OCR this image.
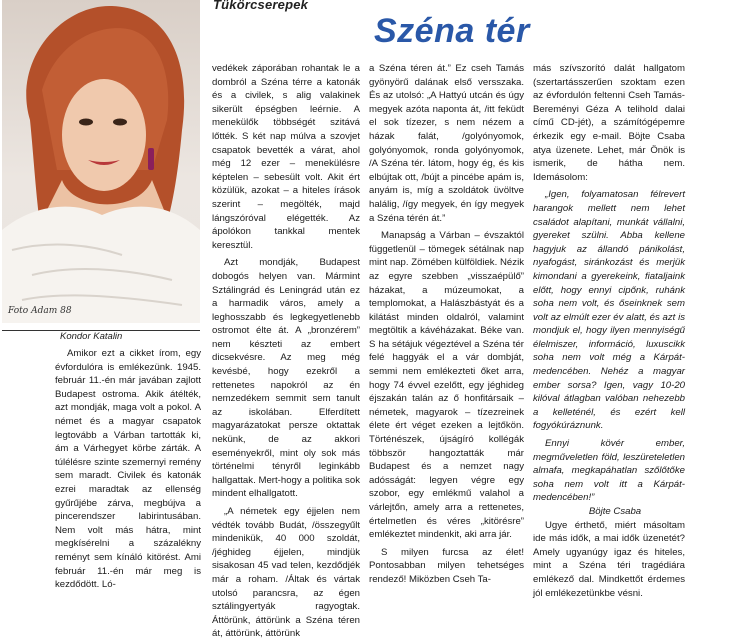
Tükörcserepek
Széna tér
Foto Adam 88
Kondor Katalin

Amikor ezt a cikket írom, egy évfordulóra is emlékezünk. 1945. február 11.-én már javában zajlott Budapest ostroma. Akik átélték, azt mondják, maga volt a pokol. A német és a magyar csapatok legtovább a Várban tartották ki, ám a Várhegyet körbe zárták. A túlélésre szinte szemernyi remény sem maradt. Civilek és katonák ezrei maradtak az ellenség gyűrűjébe zárva, megbújva a pincerendszer labirintusában. Nem volt más hátra, mint megkísérelni a százalékny reményt sem kínáló kitörést. Ami február 11.-én már meg is kezdődött. Ló-

vedékek záporában rohantak le a dombról a Széna térre a katonák és a civilek, s alig valakinek sikerült épségben leérnie. A menekülők többségét szitává lőtték. S két nap múlva a szovjet csapatok bevették a várat, ahol még 12 ezer – menekülésre képtelen – sebesült volt. Akit ért közülük, azokat – a hiteles írások szerint – megölték, majd lángszóróval elégették. Az ápolókon tankkal mentek keresztül.

Azt mondják, Budapest dobogós helyen van. Mármint Sztálingrád és Leningrád után ez a harmadik város, amely a leghosszabb és legkegyetlenebb ostromot élte át. A „bronzérem” nem készteti az embert dicsekvésre. Az meg még kevésbé, hogy ezekről a rettenetes napokról az én nemzedékem semmit sem tanult az iskolában. Elferdített magyarázatokat persze oktattak nekünk, de az akkori eseményekről, mint oly sok más történelmi tényről leginkább hallgattak. Mert-hogy a politika sok mindent elhallgatott.

„A németek egy éjjelen nem védték tovább Budát, /összegyűlt mindenikük, 40 000 szoldát, /jéghideg éjjelen, mindjük sisakosan 45 vad telen, kezdődjék már a roham. /Áltak és vártak utolsó parancsra, az égen sztálingyertyák ragyogtak. Áttörünk, áttörünk a Széna téren át, áttörünk, áttörünk

a Széna téren át.” Ez cseh Tamás gyönyörű dalának első versszaka. És az utolsó: „A Hattyú utcán és úgy megyek azóta naponta át, /itt feküdt el sok tízezer, s nem nézem a házak falát, /golyónyomok, golyónyomok, ronda golyónyomok, /A Széna tér. látom, hogy ég, és kis elbújtak ott, /bújt a pincébe apám is, anyám is, míg a szoldátok üvöltve halálig, /így megyek, én így megyek a Széna térén át.”

Manapság a Várban – évszaktól függetlenül – tömegek sétálnak nap mint nap. Zömében külföldiek. Nézik az egyre szebben „visszaépülő” házakat, a múzeumokat, a templomokat, a Halászbástyát és a kilátást minden oldalról, valamint megtöltik a kávéházakat. Béke van. S ha sétájuk végeztével a Széna tér felé haggyák el a vár dombját, semmi nem emlékezteti őket arra, hogy 74 évvel ezelőtt, egy jéghideg éjszakán talán az ő honfitársaik – németek, magyarok – tízezreinek élete ért véget ezeken a lejtőkön. Történészek, újságíró kollégák többször hangoztatták már Budapest és a nemzet nagy adósságát: legyen végre egy szobor, egy emlékmű valahol a várlejtőn, amely arra a rettenetes, értelmetlen és véres „kitörésre” emlékeztet mindenkit, aki arra jár.

S milyen furcsa az élet! Pontosabban milyen tehetséges rendező! Miközben Cseh Ta-

más szívszorító dalát hallgatom (szertartásszerűen szoktam ezen az évfordulón feltenni Cseh Tamás-Bereményi Géza A telihold dalai című CD-jét), a számítógépemre érkezik egy e-mail. Böjte Csaba atya üzenete. Lehet, már Önök is ismerik, de hátha nem. Idemásolom:

„Igen, folyamatosan félrevert harangok mellett nem lehet családot alapítani, munkát vállalni, gyereket szülni. Abba kellene hagyjuk az állandó pánikolást, nyafogást, siránkozást és merjük kimondani a gyerekeink, fiataljaink előtt, hogy ennyi cipőnk, ruhánk soha nem volt, és őseinknek sem volt az elmúlt ezer év alatt, és azt is mondjuk el, hogy ilyen mennyiségű élelmiszer, információ, luxuscikk soha nem volt még a Kárpát-medencében. Nehéz a magyar ember sorsa? Igen, vagy 10-20 kilóval átlagban valóban nehezebb a kelleténél, és ezért kell fogyókúráznunk.

Ennyi kövér ember, megműveletlen föld, leszüreteletlen almafa, megkapáhatlan szőlőtőke soha nem volt itt a Kárpát-medencében!”

Böjte Csaba

Ugye érthető, miért másoltam ide más idők, a mai idők üzenetét? Amely ugyanúgy igaz és hiteles, mint a Széna téri tragédiára emlékező dal. Mindkettőt érdemes jól emlékezetünkbe vésni.
